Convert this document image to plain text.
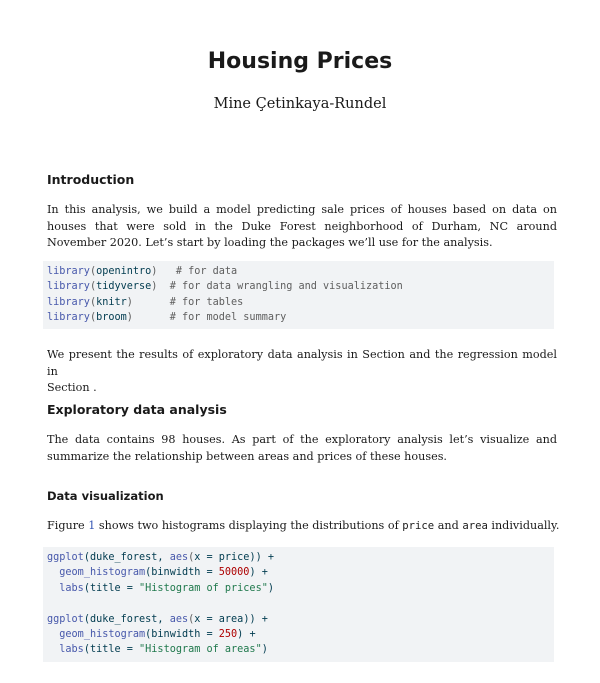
Housing Prices
Mine Çetinkaya-Rundel
Introduction
In this analysis, we build a model predicting sale prices of houses based on data on houses that were sold in the Duke Forest neighborhood of Durham, NC around November 2020. Let’s start by loading the packages we’ll use for the analysis.
library(openintro) # for data
library(tidyverse) # for data wrangling and visualization
library(knitr)	# for tables
library(broom)	# for model summary
We present the results of exploratory data analysis in Section and the regression model in
Section .
Exploratory data analysis
The data contains 98 houses. As part of the exploratory analysis let’s visualize and summarize the relationship between areas and prices of these houses.
Data visualization
Figure 1 shows two histograms displaying the distributions of price and area individually.
ggplot(duke_forest, aes(x = price)) +
geom_histogram(binwidth = 50000) +
labs(title = "Histogram of prices")

ggplot(duke_forest, aes(x = area)) +
geom_histogram(binwidth = 250) +
labs(title = "Histogram of areas")
